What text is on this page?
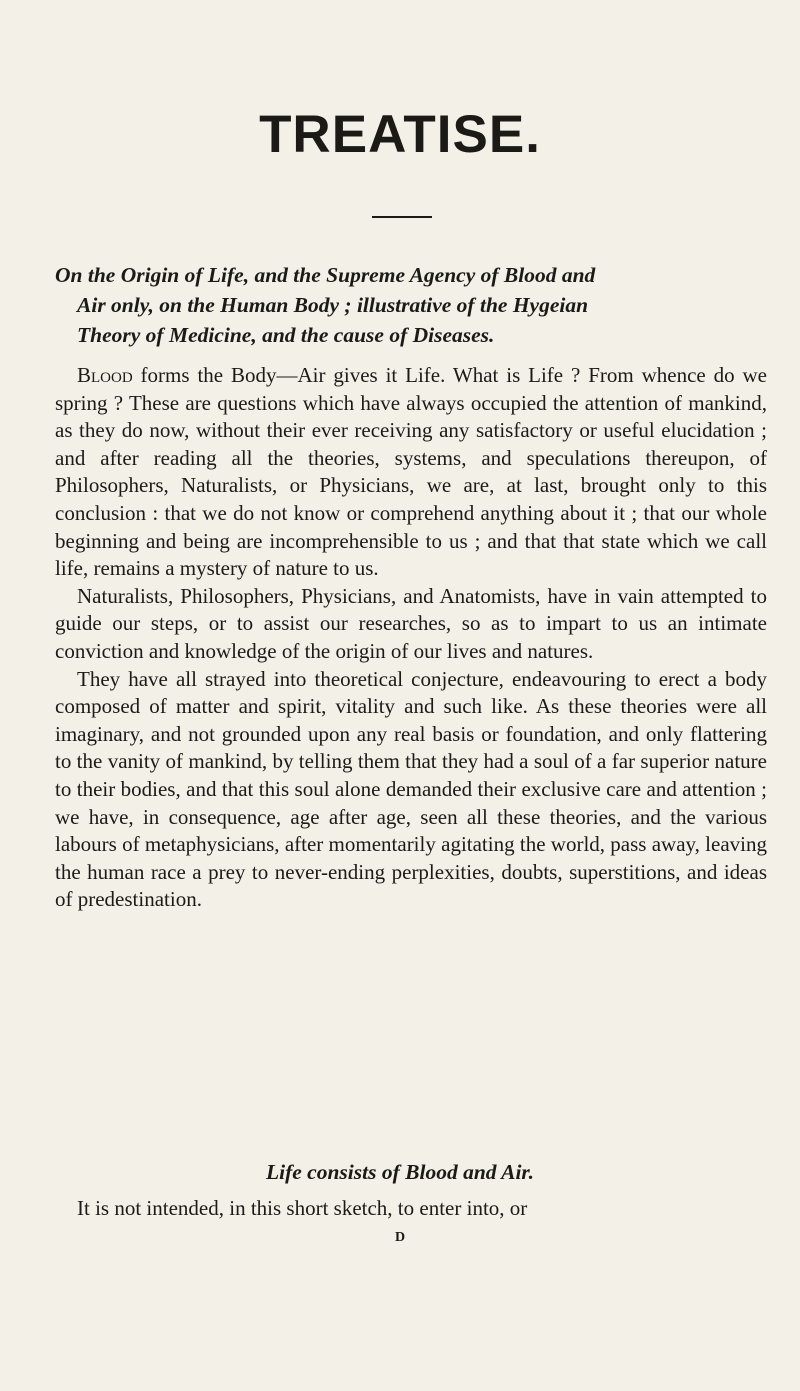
TREATISE.
On the Origin of Life, and the Supreme Agency of Blood and
Air only, on the Human Body ; illustrative of the Hygeian
Theory of Medicine, and the cause of Diseases.

Blood forms the Body—Air gives it Life. What is Life ? From whence do we spring ? These are questions which have always occupied the attention of mankind, as they do now, without their ever receiving any satisfactory or useful elucidation ; and after reading all the theories, systems, and speculations thereupon, of Philosophers, Naturalists, or Physicians, we are, at last, brought only to this conclusion : that we do not know or comprehend anything about it ; that our whole beginning and being are incomprehensible to us ; and that that state which we call life, remains a mystery of nature to us.

Naturalists, Philosophers, Physicians, and Anatomists, have in vain attempted to guide our steps, or to assist our researches, so as to impart to us an intimate conviction and knowledge of the origin of our lives and natures.

They have all strayed into theoretical conjecture, endeavouring to erect a body composed of matter and spirit, vitality and such like. As these theories were all imaginary, and not grounded upon any real basis or foundation, and only flattering to the vanity of mankind, by telling them that they had a soul of a far superior nature to their bodies, and that this soul alone demanded their exclusive care and attention ; we have, in consequence, age after age, seen all these theories, and the various labours of metaphysicians, after momentarily agitating the world, pass away, leaving the human race a prey to never-ending perplexities, doubts, superstitions, and ideas of predestination.

Life consists of Blood and Air.
It is not intended, in this short sketch, to enter into, or
D
